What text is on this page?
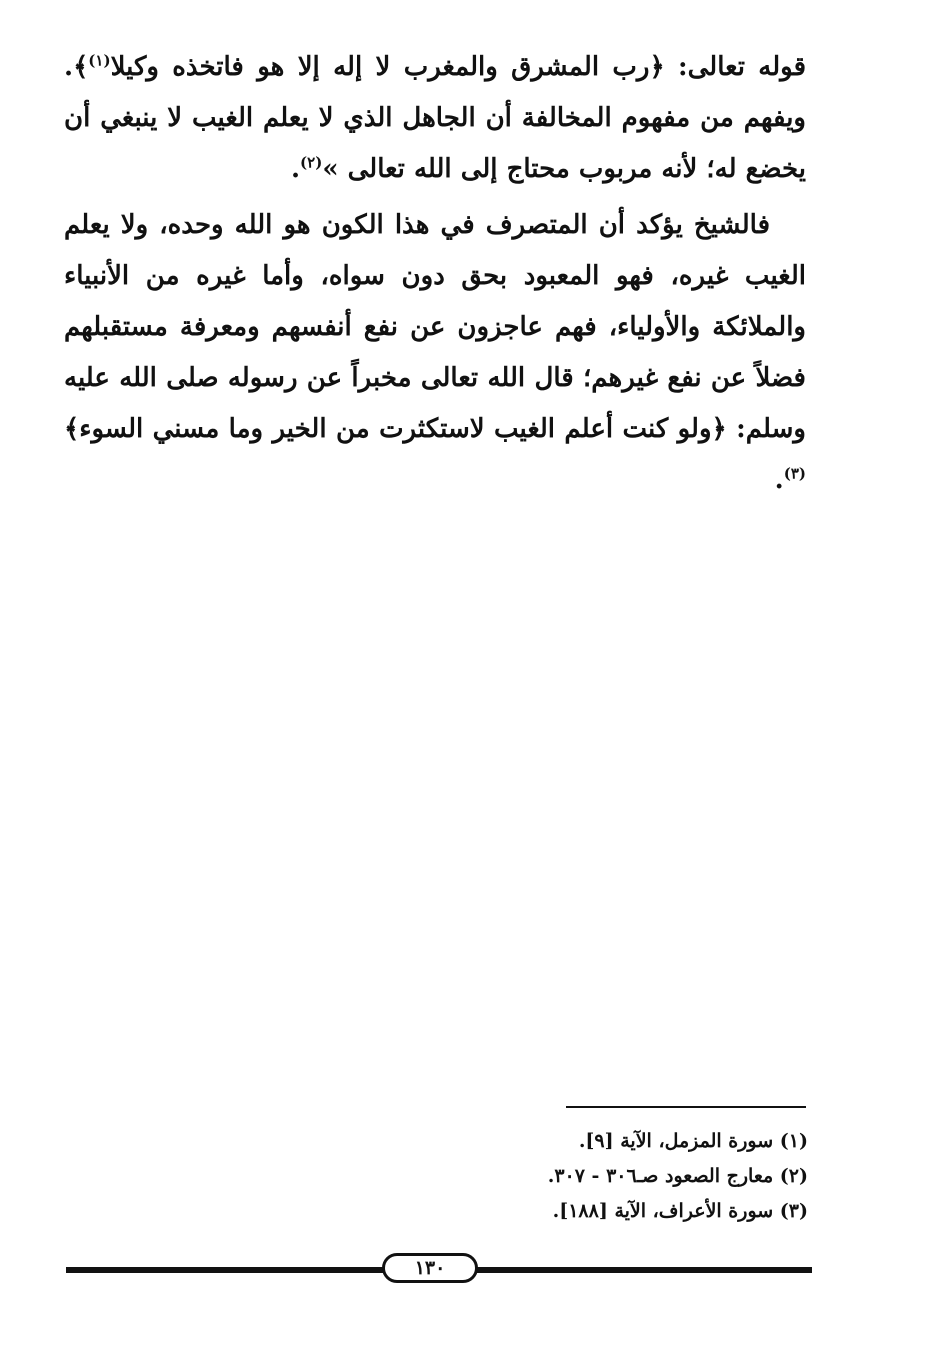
قوله تعالى: ﴿رب المشرق والمغرب لا إله إلا هو فاتخذه وكيلا$^{(١)}$﴾. ويفهم من مفهوم المخالفة أن الجاهل الذي لا يعلم الغيب لا ينبغي أن يخضع له؛ لأنه مربوب محتاج إلى الله تعالى »$^{(٢)}$.

فالشيخ يؤكد أن المتصرف في هذا الكون هو الله وحده، ولا يعلم الغيب غيره، فهو المعبود بحق دون سواه، وأما غيره من الأنبياء والملائكة والأولياء، فهم عاجزون عن نفع أنفسهم ومعرفة مستقبلهم فضلاً عن نفع غيرهم؛ قال الله تعالى مخبراً عن رسوله صلى الله عليه وسلم: ﴿ولو كنت أعلم الغيب لاستكثرت من الخير وما مسني السوء﴾$^{(٣)}$.

(١) سورة المزمل، الآية [٩].

(٢) معارج الصعود صـ٣٠٦ - ٣٠٧.

(٣) سورة الأعراف، الآية [١٨٨].

١٣٠
